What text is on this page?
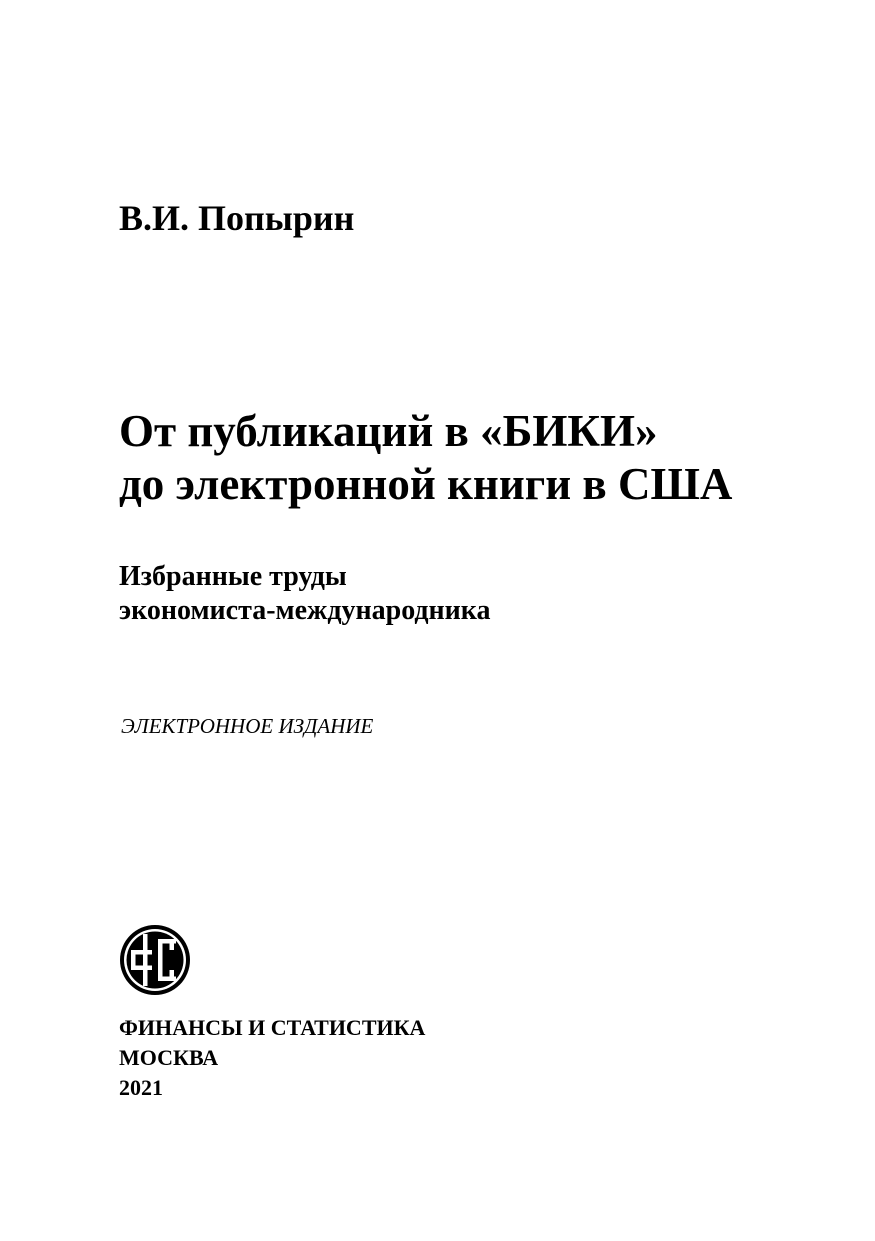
В.И. Попырин
От публикаций в «БИКИ»
до электронной книги в США
Избранные труды
экономиста-международника
ЭЛЕКТРОННОЕ ИЗДАНИЕ
ФИНАНСЫ И СТАТИСТИКА
МОСКВА
2021
